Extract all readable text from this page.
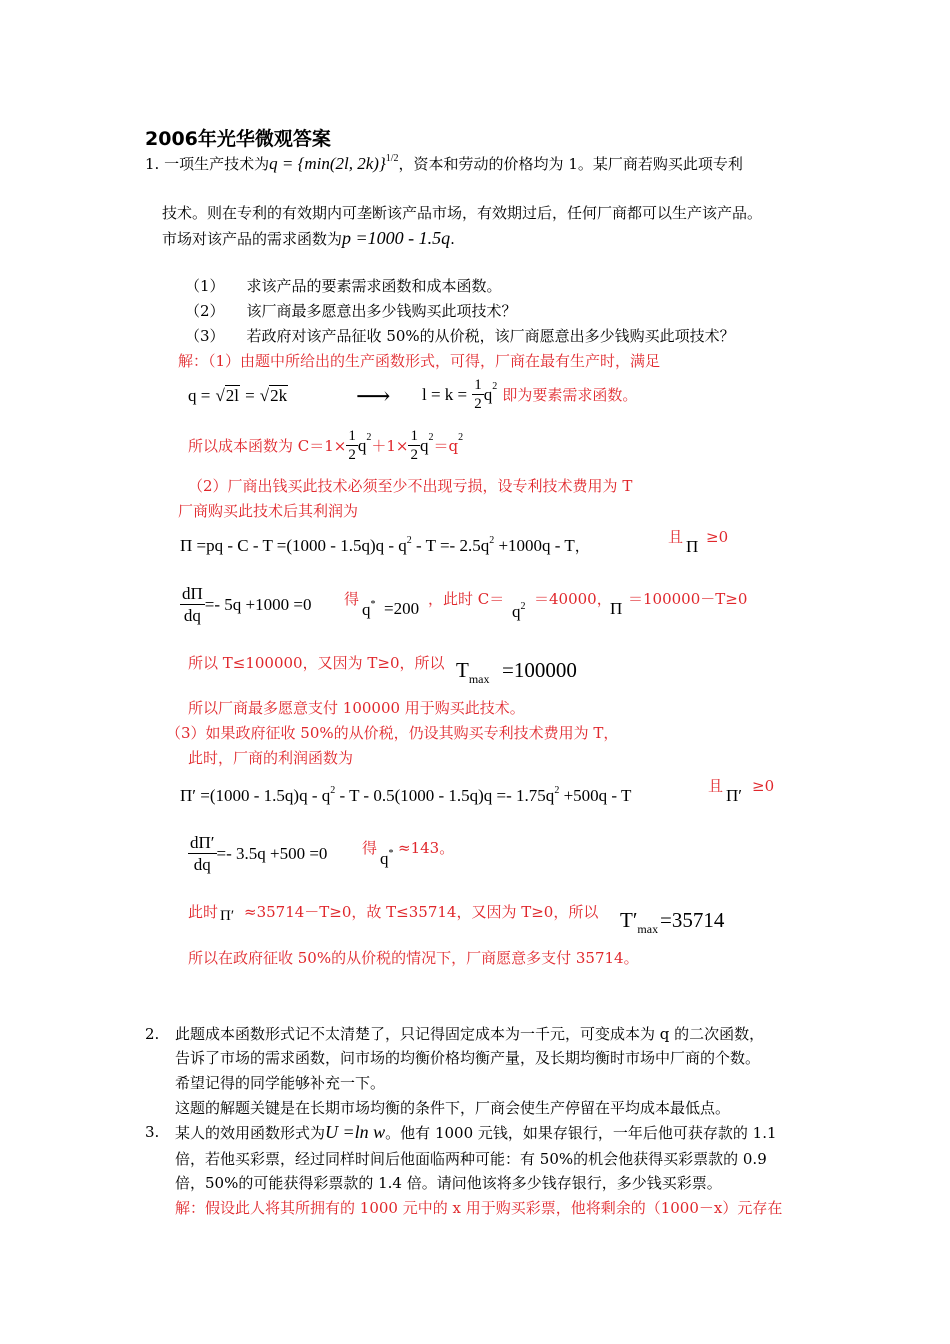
2006年光华微观答案
1. 一项生产技术为q = {min(2l, 2k)}$^{1/2}$，资本和劳动的价格均为 1。某厂商若购买此项专利
技术。则在专利的有效期内可垄断该产品市场，有效期过后，任何厂商都可以生产该产品。
市场对该产品的需求函数为p =1000 - 1.5q.
（1） 求该产品的要素需求函数和成本函数。
（2） 该厂商最多愿意出多少钱购买此项技术？
（3） 若政府对该产品征收 50%的从价税，该厂商愿意出多少钱购买此项技术？
解：（1）由题中所给出的生产函数形式，可得，厂商在最有生产时，满足
q = √2l = √2k	⟶ $l = k = \frac{1}{2} q^2$ 即为要素需求函数。
所以成本函数为 $C=1\times \frac{1}{2} q^2+1\times \frac{1}{2} q^2=q^2$
（2）厂商出钱买此技术必须至少不出现亏损，设专利技术费用为 T
厂商购买此技术后其利润为
$\Pi =pq - C - T =(1000 - 1.5q)q - q^2 - T =- 2.5q^2 +1000q - T$，	且 Π ≥0
$\frac{d\Pi}{dq} =- 5q +1000 =0$ 得
q* =200 ，此时 C＝
$q^2 =40000$，
Π ＝100000－T≥0
所以 T≤100000，又因为 T≥0，所以 $T_{max} =100000$
所以厂商最多愿意支付 100000 用于购买此技术。
（3）如果政府征收 50%的从价税，仍设其购买专利技术费用为 T，
此时，厂商的利润函数为
$\Pi' =(1000 - 1.5q)q - q^2 - T - 0.5(1000 - 1.5q)q =- 1.75q^2 +500q - T$	且 Π′ ≥0
$\frac{d\Pi'}{dq} =- 3.5q +500 =0$ 得
q* ≈143。
此时 Π′ ≈35714－T≥0，故 T≤35714，又因为 T≥0，所以 $T'_{max} =35714$
所以在政府征收 50%的从价税的情况下，厂商愿意多支付 35714。
2. 此题成本函数形式记不太清楚了，只记得固定成本为一千元，可变成本为 q 的二次函数，
告诉了市场的需求函数，问市场的均衡价格均衡产量，及长期均衡时市场中厂商的个数。
希望记得的同学能够补充一下。
这题的解题关键是在长期市场均衡的条件下，厂商会使生产停留在平均成本最低点。
3. 某人的效用函数形式为U =ln w。他有 1000 元钱，如果存银行，一年后他可获存款的 1.1
倍，若他买彩票，经过同样时间后他面临两种可能：有 50%的机会他获得买彩票款的 0.9
倍，50%的可能获得彩票款的 1.4 倍。请问他该将多少钱存银行，多少钱买彩票。
解：假设此人将其所拥有的 1000 元中的 x 用于购买彩票，他将剩余的（1000－x）元存在
